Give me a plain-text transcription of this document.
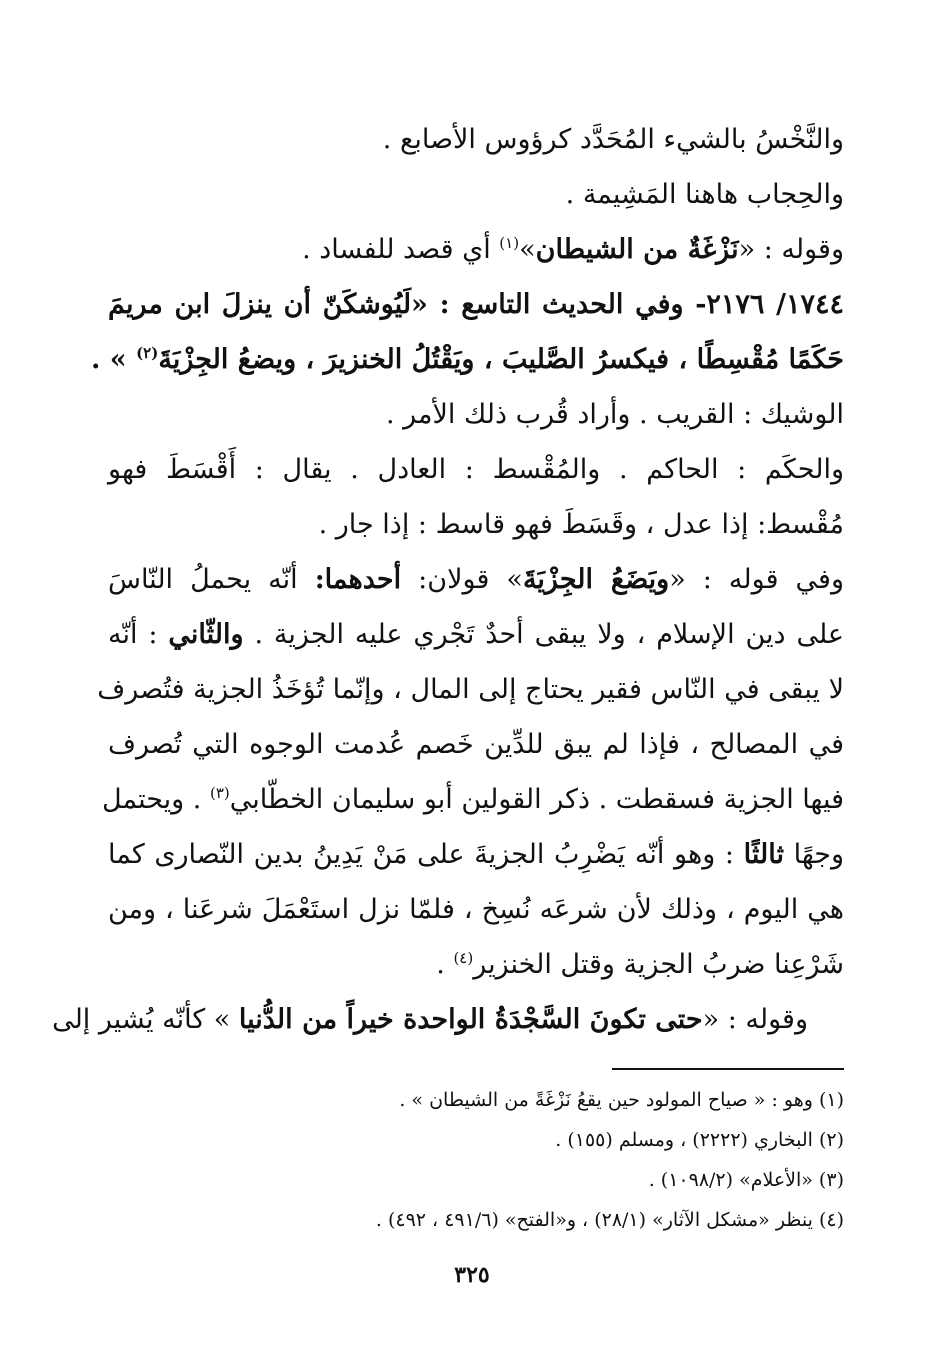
والنَّخْسُ بالشيء المُحَدَّد كرؤوس الأصابع .
والحِجاب هاهنا المَشِيمة .
وقوله : «نَزْغَةٌ من الشيطان»$^{(١)}$ أي قصد للفساد .
١٧٤٤/ ٢١٧٦- وفي الحديث التاسع : «لَيُوشكَنّ أن ينزلَ ابن مريمَ
حَكَمًا مُقْسِطًا ، فيكسرُ الصَّليبَ ، ويَقْتُلُ الخنزيرَ ، ويضعُ الجِزْيَةَ$^{(٢)}$ » .
الوشيك : القريب . وأراد قُرب ذلك الأمر .
والحكَم : الحاكم . والمُقْسط : العادل . يقال : أَقْسَطَ فهو
مُقْسط: إذا عدل ، وقَسَطَ فهو قاسط : إذا جار .
وفي قوله : «ويَضَعُ الجِزْيَةَ» قولان: أحدهما: أنّه يحملُ النّاسَ
على دين الإسلام ، ولا يبقى أحدٌ تَجْري عليه الجزية . والثّاني : أنّه
لا يبقى في النّاس فقير يحتاج إلى المال ، وإنّما تُؤخَذُ الجزية فتُصرف
في المصالح ، فإذا لم يبق للدِّين خَصم عُدمت الوجوه التي تُصرف
فيها الجزية فسقطت . ذكر القولين أبو سليمان الخطّابي$^{(٣)}$ . ويحتمل
وجهًا ثالثًا : وهو أنّه يَضْرِبُ الجزيةَ على مَنْ يَدِينُ بدين النّصارى كما
هي اليوم ، وذلك لأن شرعَه نُسِخ ، فلمّا نزل استَعْمَلَ شرعَنا ، ومن
شَرْعِنا ضربُ الجزية وقتل الخنزير$^{(٤)}$ .
وقوله : «حتى تكونَ السَّجْدَةُ الواحدة خيراً من الدُّنيا » كأنّه يُشير إلى
(١) وهو : « صياح المولود حين يقعُ نَزْغَةً من الشيطان » .
(٢) البخاري (٢٢٢٢) ، ومسلم (١٥٥) .
(٣) «الأعلام» (١٠٩٨/٢) .
(٤) ينظر «مشكل الآثار» (٢٨/١) ، و«الفتح» (٤٩١/٦ ، ٤٩٢) .
٣٢٥
